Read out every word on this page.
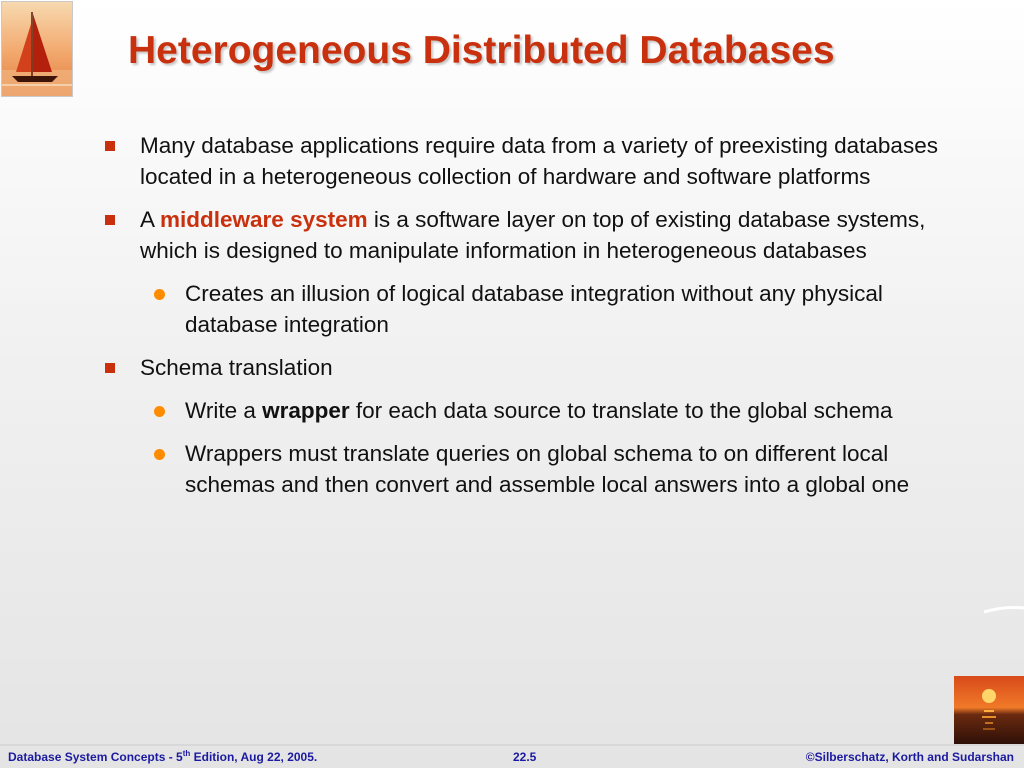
Heterogeneous Distributed Databases
Many database applications require data from a variety of preexisting databases located in a heterogeneous collection of hardware and software platforms
A middleware system is a software layer on top of existing database systems, which is designed to manipulate information in heterogeneous databases
Creates an illusion of logical database integration without any physical database integration
Schema translation
Write a wrapper for each data source to translate to the global schema
Wrappers must translate queries on global schema to on different local schemas and then convert and assemble local answers into a global one
Database System Concepts - 5th Edition, Aug 22, 2005.	22.5	©Silberschatz, Korth and Sudarshan
